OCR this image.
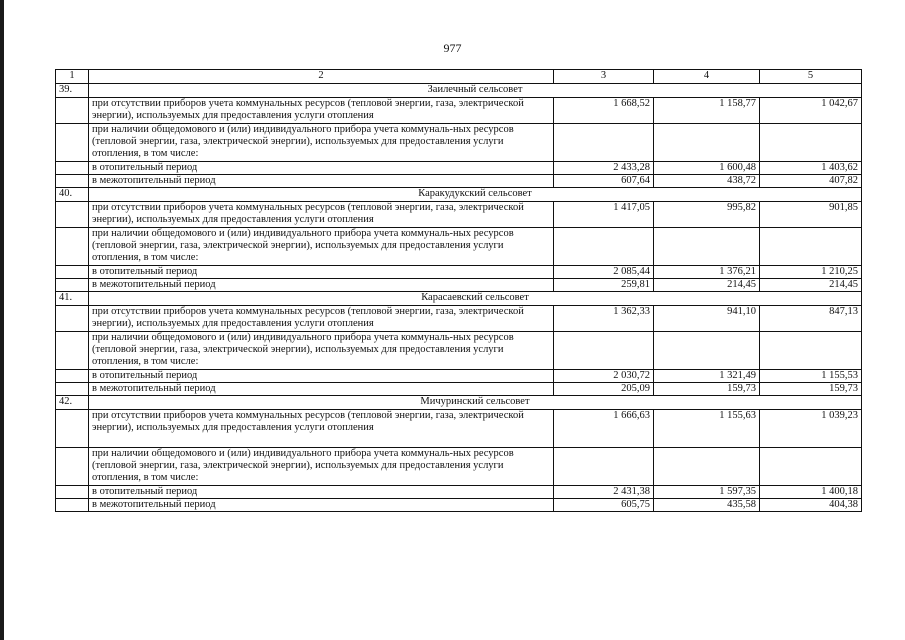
977
1	2	3	4	5
39.	Заилечный сельсовет			
	при отсутствии приборов учета коммунальных ресурсов (тепловой энергии, газа, электрической энергии), используемых для предоставления услуги отопления	1 668,52	1 158,77	1 042,67
	при наличии общедомового и (или) индивидуального прибора учета коммуналь-ных ресурсов (тепловой энергии, газа, электрической энергии), используемых для предоставления услуги отопления, в том числе:			
	в отопительный период	2 433,28	1 600,48	1 403,62
	в межотопительный период	607,64	438,72	407,82
40.	Каракудукский сельсовет			
	при отсутствии приборов учета коммунальных ресурсов (тепловой энергии, газа, электрической энергии), используемых для предоставления услуги отопления	1 417,05	995,82	901,85
	при наличии общедомового и (или) индивидуального прибора учета коммуналь-ных ресурсов (тепловой энергии, газа, электрической энергии), используемых для предоставления услуги отопления, в том числе:			
	в отопительный период	2 085,44	1 376,21	1 210,25
	в межотопительный период	259,81	214,45	214,45
41.	Карасаевский сельсовет			
	при отсутствии приборов учета коммунальных ресурсов (тепловой энергии, газа, электрической энергии), используемых для предоставления услуги отопления	1 362,33	941,10	847,13
	при наличии общедомового и (или) индивидуального прибора учета коммуналь-ных ресурсов (тепловой энергии, газа, электрической энергии), используемых для предоставления услуги отопления, в том числе:			
	в отопительный период	2 030,72	1 321,49	1 155,53
	в межотопительный период	205,09	159,73	159,73
42.	Мичуринский сельсовет			
	при отсутствии приборов учета коммунальных ресурсов (тепловой энергии, газа, электрической энергии), используемых для предоставления услуги отопления	1 666,63	1 155,63	1 039,23
	при наличии общедомового и (или) индивидуального прибора учета коммуналь-ных ресурсов (тепловой энергии, газа, электрической энергии), используемых для предоставления услуги отопления, в том числе:			
	в отопительный период	2 431,38	1 597,35	1 400,18
	в межотопительный период	605,75	435,58	404,38
